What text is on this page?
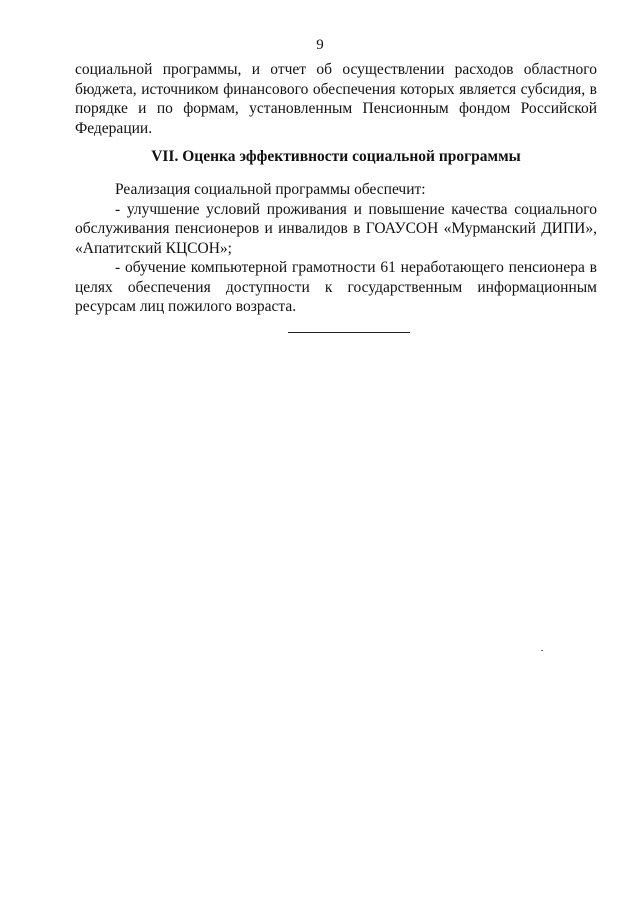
9

социальной программы, и отчет об осуществлении расходов областного бюджета, источником финансового обеспечения которых является субсидия, в порядке и по формам, установленным Пенсионным фондом Российской Федерации.

VII. Оценка эффективности социальной программы

Реализация социальной программы обеспечит:

- улучшение условий проживания и повышение качества социального обслуживания пенсионеров и инвалидов в ГОАУСОН «Мурманский ДИПИ», «Апатитский КЦСОН»;

- обучение компьютерной грамотности 61 неработающего пенсионера в целях обеспечения доступности к государственным информационным ресурсам лиц пожилого возраста.
